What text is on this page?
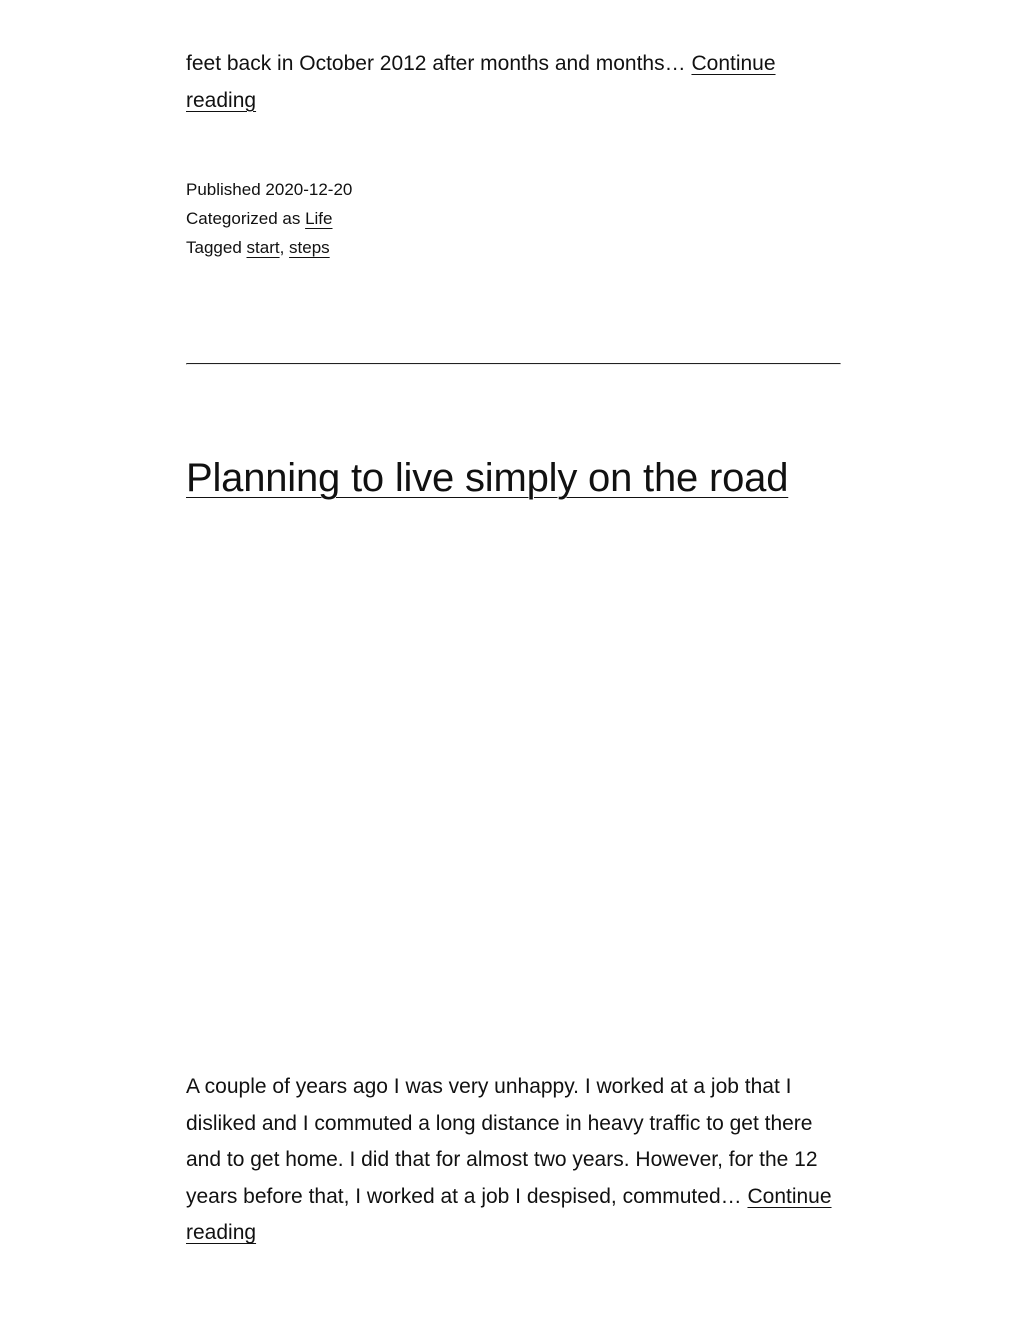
feet back in October 2012 after months and months… Continue reading

Published 2020-12-20
Categorized as Life
Tagged start, steps
Planning to live simply on the road

A couple of years ago I was very unhappy. I worked at a job that I disliked and I commuted a long distance in heavy traffic to get there and to get home. I did that for almost two years. However, for the 12 years before that, I worked at a job I despised, commuted… Continue reading
